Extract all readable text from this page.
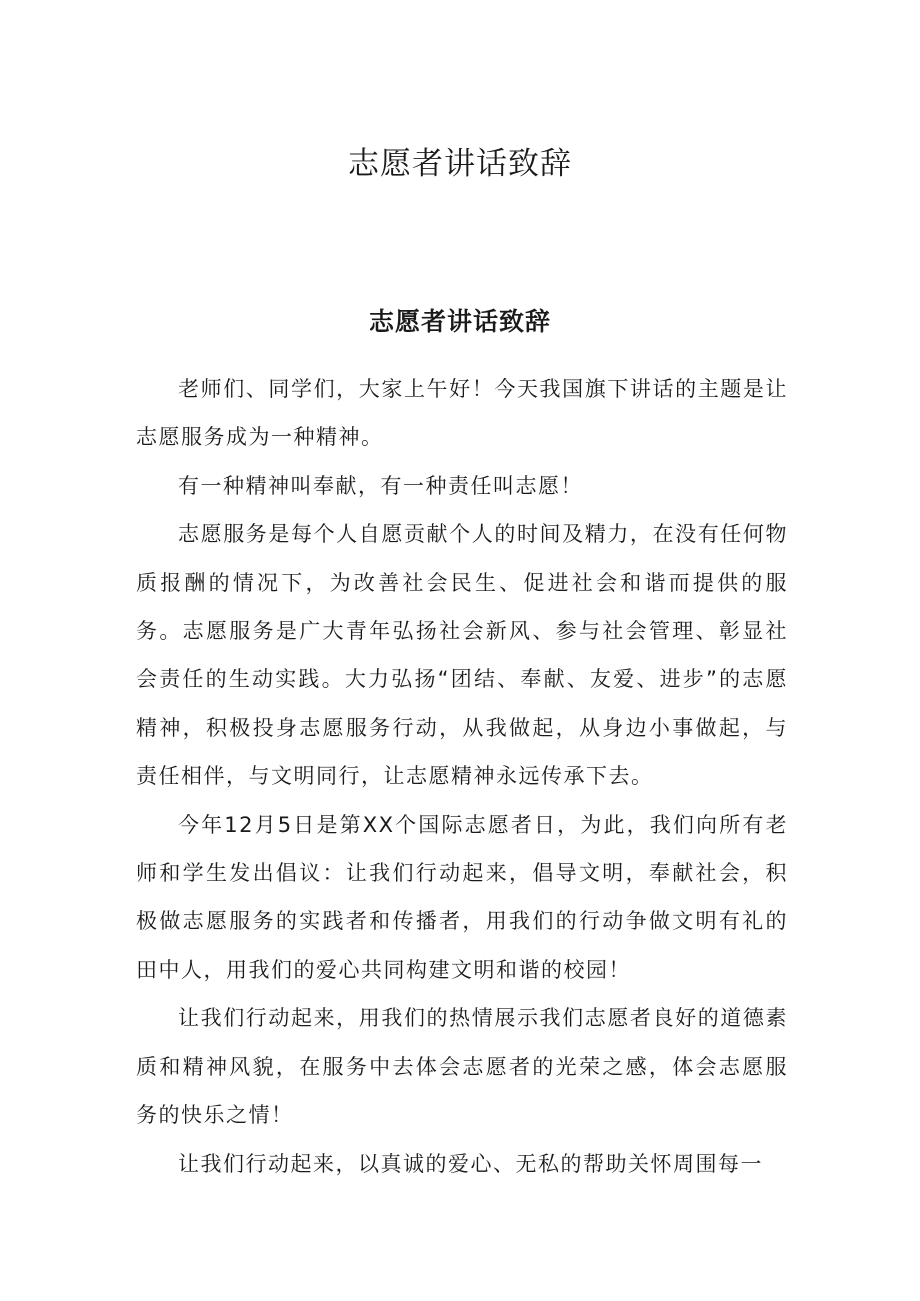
志愿者讲话致辞
志愿者讲话致辞

老师们、同学们，大家上午好！今天我国旗下讲话的主题是让志愿服务成为一种精神。

有一种精神叫奉献，有一种责任叫志愿！

志愿服务是每个人自愿贡献个人的时间及精力，在没有任何物质报酬的情况下，为改善社会民生、促进社会和谐而提供的服务。志愿服务是广大青年弘扬社会新风、参与社会管理、彰显社会责任的生动实践。大力弘扬“团结、奉献、友爱、进步”的志愿精神，积极投身志愿服务行动，从我做起，从身边小事做起，与责任相伴，与文明同行，让志愿精神永远传承下去。

今年12月5日是第XX个国际志愿者日，为此，我们向所有老师和学生发出倡议：让我们行动起来，倡导文明，奉献社会，积极做志愿服务的实践者和传播者，用我们的行动争做文明有礼的田中人，用我们的爱心共同构建文明和谐的校园！

让我们行动起来，用我们的热情展示我们志愿者良好的道德素质和精神风貌，在服务中去体会志愿者的光荣之感，体会志愿服务的快乐之情！

让我们行动起来，以真诚的爱心、无私的帮助关怀周围每一
